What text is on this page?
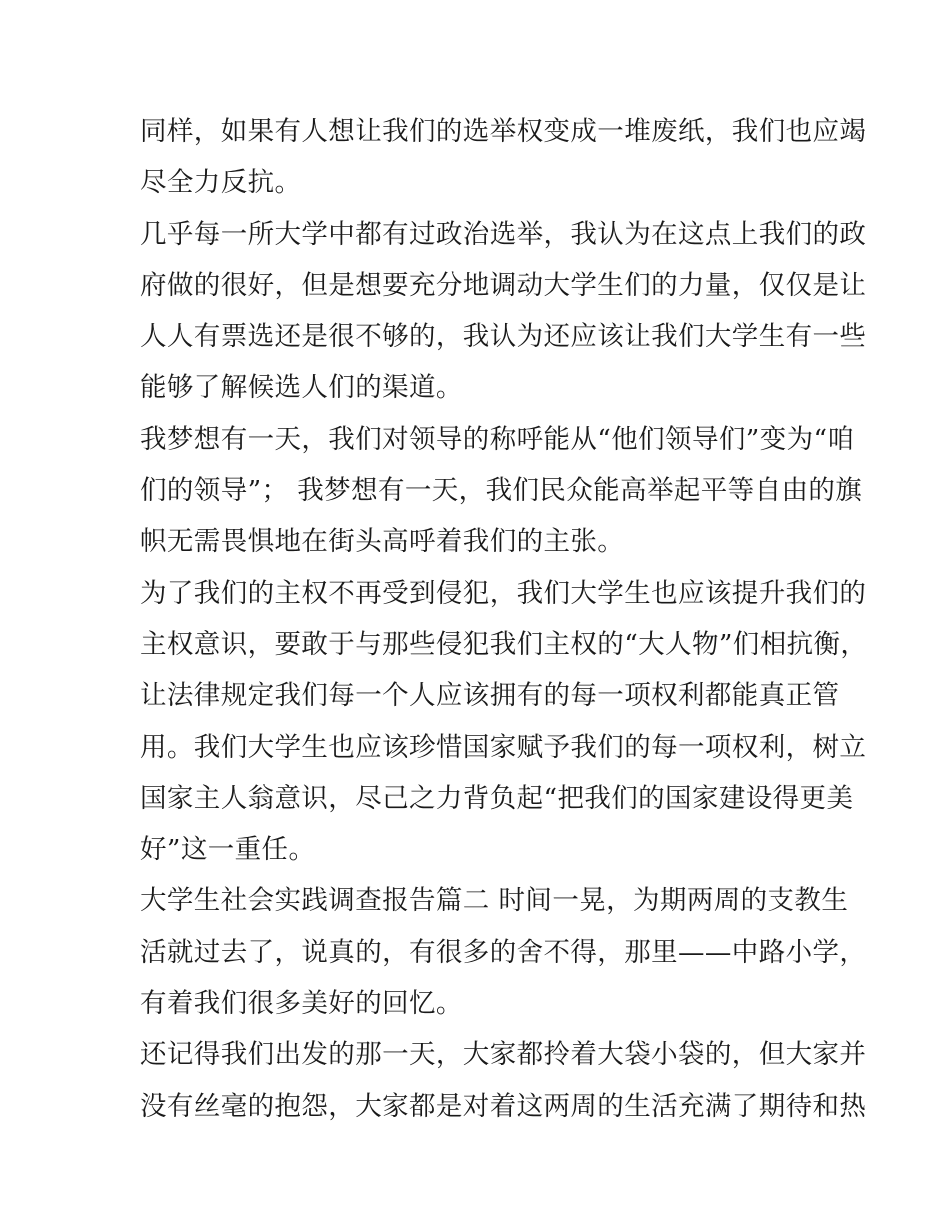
同样，如果有人想让我们的选举权变成一堆废纸，我们也应竭
尽全力反抗。
几乎每一所大学中都有过政治选举，我认为在这点上我们的政
府做的很好，但是想要充分地调动大学生们的力量，仅仅是让
人人有票选还是很不够的，我认为还应该让我们大学生有一些
能够了解候选人们的渠道。
我梦想有一天，我们对领导的称呼能从“他们领导们”变为“咱
们的领导”； 我梦想有一天，我们民众能高举起平等自由的旗
帜无需畏惧地在街头高呼着我们的主张。
为了我们的主权不再受到侵犯，我们大学生也应该提升我们的
主权意识，要敢于与那些侵犯我们主权的“大人物”们相抗衡，
让法律规定我们每一个人应该拥有的每一项权利都能真正管
用。我们大学生也应该珍惜国家赋予我们的每一项权利，树立
国家主人翁意识，尽己之力背负起“把我们的国家建设得更美
好”这一重任。
大学生社会实践调查报告篇二 时间一晃，为期两周的支教生
活就过去了，说真的，有很多的舍不得，那里——中路小学，
有着我们很多美好的回忆。
还记得我们出发的那一天，大家都拎着大袋小袋的，但大家并
没有丝毫的抱怨，大家都是对着这两周的生活充满了期待和热
